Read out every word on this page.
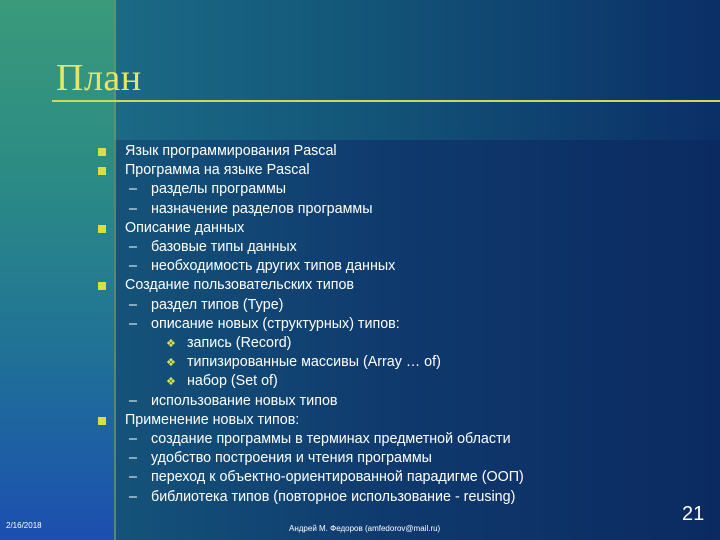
План
Язык программирования Pascal
Программа на языке Pascal
– разделы программы
– назначение разделов программы
Описание данных
– базовые типы данных
– необходимость других типов данных
Создание пользовательских типов
– раздел типов (Type)
– описание новых (структурных) типов:
❖ запись (Record)
❖ типизированные массивы (Array … of)
❖ набор (Set of)
– использование новых типов
Применение новых типов:
– создание программы в терминах предметной области
– удобство построения и чтения программы
– переход к объектно-ориентированной парадигме (ООП)
– библиотека типов (повторное использование - reusing)
2/16/2018	Андрей М. Федоров (amfedorov@mail.ru)
21
